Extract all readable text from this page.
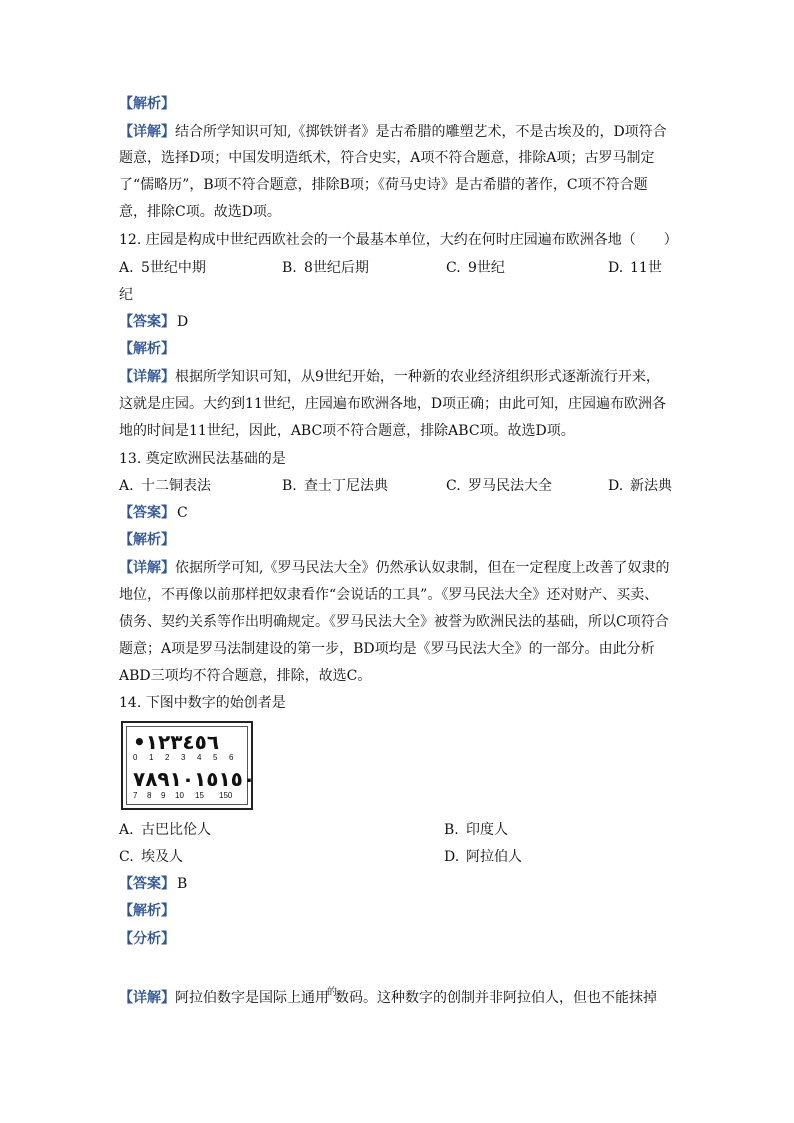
【解析】
【详解】结合所学知识可知,《掷铁饼者》是古希腊的雕塑艺术，不是古埃及的，D项符合
题意，选择D项；中国发明造纸术，符合史实，A项不符合题意，排除A项；古罗马制定
了“儒略历”，B项不符合题意，排除B项；《荷马史诗》是古希腊的著作，C项不符合题
意，排除C项。故选D项。
12. 庄园是构成中世纪西欧社会的一个最基本单位，大约在何时庄园遍布欧洲各地（　　）
A. 5世纪中期	B. 8世纪后期	C. 9世纪	D. 11世
纪
【答案】 D
【解析】
【详解】根据所学知识可知，从9世纪开始，一种新的农业经济组织形式逐渐流行开来，
这就是庄园。大约到11世纪，庄园遍布欧洲各地，D项正确；由此可知，庄园遍布欧洲各
地的时间是11世纪，因此，ABC项不符合题意，排除ABC项。故选D项。
13. 奠定欧洲民法基础的是
A. 十二铜表法	B. 查士丁尼法典	C. 罗马民法大全	D. 新法典
【答案】 C
【解析】
【详解】依据所学可知,《罗马民法大全》仍然承认奴隶制，但在一定程度上改善了奴隶的
地位，不再像以前那样把奴隶看作“会说话的工具”。《罗马民法大全》还对财产、买卖、
债务、契约关系等作出明确规定。《罗马民法大全》被誉为欧洲民法的基础，所以C项符合
题意；A项是罗马法制建设的第一步，BD项均是《罗马民法大全》的一部分。由此分析
ABD三项均不符合题意，排除，故选C。
14. 下图中数字的始创者是
•١٢٣٤٥٦
0 1 2 3 4 5 6
٧٨٩١٠١٥١٥٠
7 8 9 10 15 150
A. 古巴比伦人	B. 印度人
C. 埃及人	D. 阿拉伯人
【答案】 B
【解析】
【分析】
【详解】阿拉伯数字是国际上通用$^的$数码。这种数字的创制并非阿拉伯人，但也不能抹掉
